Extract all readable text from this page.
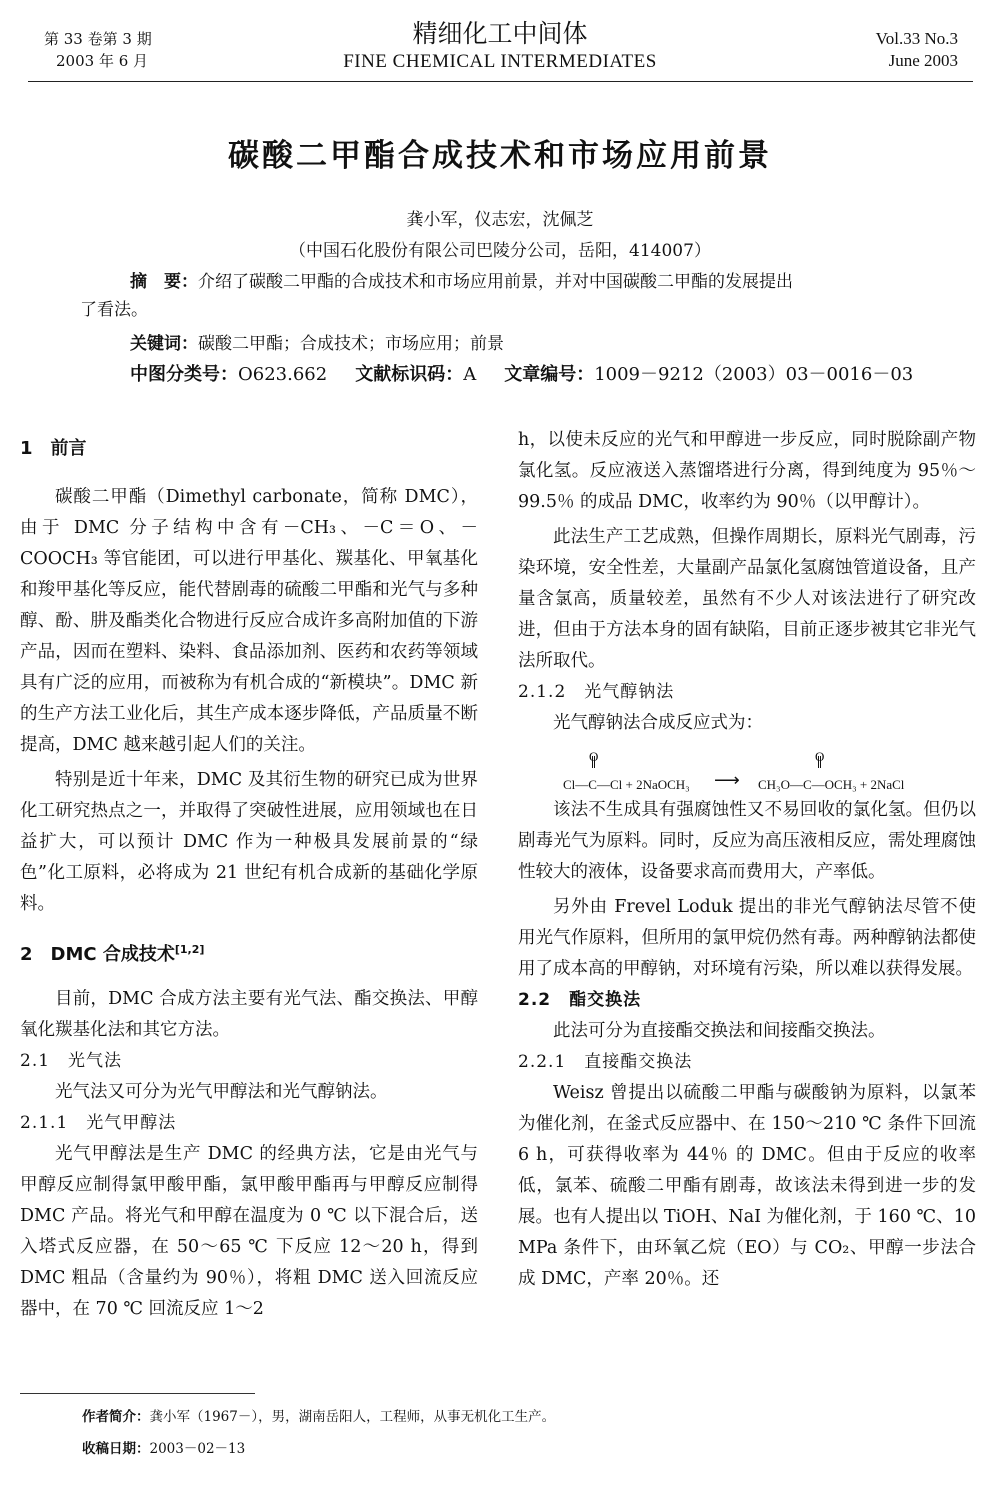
第 33 卷第 3 期
2003 年 6 月
精细化工中间体
FINE CHEMICAL INTERMEDIATES
Vol.33 No.3
June 2003
碳酸二甲酯合成技术和市场应用前景
龚小军，仪志宏，沈佩芝
（中国石化股份有限公司巴陵分公司，岳阳，414007）
摘　要：介绍了碳酸二甲酯的合成技术和市场应用前景，并对中国碳酸二甲酯的发展提出
了看法。
关键词：碳酸二甲酯；合成技术；市场应用；前景
中图分类号：O623.662 文献标识码：A 文章编号：1009－9212（2003）03－0016－03
1　前言

碳酸二甲酯（Dimethyl carbonate，简称 DMC），由于 DMC 分子结构中含有－CH₃、－C＝O、－COOCH₃ 等官能团，可以进行甲基化、羰基化、甲氧基化和羧甲基化等反应，能代替剧毒的硫酸二甲酯和光气与多种醇、酚、肼及酯类化合物进行反应合成许多高附加值的下游产品，因而在塑料、染料、食品添加剂、医药和农药等领域具有广泛的应用，而被称为有机合成的“新模块”。DMC 新的生产方法工业化后，其生产成本逐步降低，产品质量不断提高，DMC 越来越引起人们的关注。

特别是近十年来，DMC 及其衍生物的研究已成为世界化工研究热点之一，并取得了突破性进展，应用领域也在日益扩大，可以预计 DMC 作为一种极具发展前景的“绿色”化工原料，必将成为 21 世纪有机合成新的基础化学原料。

2　DMC 合成技术[1,2]

目前，DMC 合成方法主要有光气法、酯交换法、甲醇氧化羰基化法和其它方法。

2.1　光气法

光气法又可分为光气甲醇法和光气醇钠法。

2.1.1　光气甲醇法

光气甲醇法是生产 DMC 的经典方法，它是由光气与甲醇反应制得氯甲酸甲酯，氯甲酸甲酯再与甲醇反应制得 DMC 产品。将光气和甲醇在温度为 0 ℃ 以下混合后，送入塔式反应器，在 50～65 ℃ 下反应 12～20 h，得到 DMC 粗品（含量约为 90％），将粗 DMC 送入回流反应器中，在 70 ℃ 回流反应 1～2

h，以使未反应的光气和甲醇进一步反应，同时脱除副产物氯化氢。反应液送入蒸馏塔进行分离，得到纯度为 95％～99.5％ 的成品 DMC，收率约为 90％（以甲醇计）。

此法生产工艺成熟，但操作周期长，原料光气剧毒，污染环境，安全性差，大量副产品氯化氢腐蚀管道设备，且产量含氯高，质量较差，虽然有不少人对该法进行了研究改进，但由于方法本身的固有缺陷，目前正逐步被其它非光气法所取代。

2.1.2　光气醇钠法

光气醇钠法合成反应式为：

O
Cl—C—Cl + 2NaOCH₃ ⟶
O
CH₃O—C—OCH₃ + 2NaCl

该法不生成具有强腐蚀性又不易回收的氯化氢。但仍以剧毒光气为原料。同时，反应为高压液相反应，需处理腐蚀性较大的液体，设备要求高而费用大，产率低。

另外由 Frevel Loduk 提出的非光气醇钠法尽管不使用光气作原料，但所用的氯甲烷仍然有毒。两种醇钠法都使用了成本高的甲醇钠，对环境有污染，所以难以获得发展。

2.2　酯交换法

此法可分为直接酯交换法和间接酯交换法。

2.2.1　直接酯交换法

Weisz 曾提出以硫酸二甲酯与碳酸钠为原料，以氯苯为催化剂，在釜式反应器中、在 150～210 ℃ 条件下回流 6 h，可获得收率为 44％ 的 DMC。但由于反应的收率低，氯苯、硫酸二甲酯有剧毒，故该法未得到进一步的发展。也有人提出以 TiOH、NaI 为催化剂，于 160 ℃、10 MPa 条件下，由环氧乙烷（EO）与 CO₂、甲醇一步法合成 DMC，产率 20％。还

作者简介：龚小军（1967－），男，湖南岳阳人，工程师，从事无机化工生产。
收稿日期：2003－02－13
